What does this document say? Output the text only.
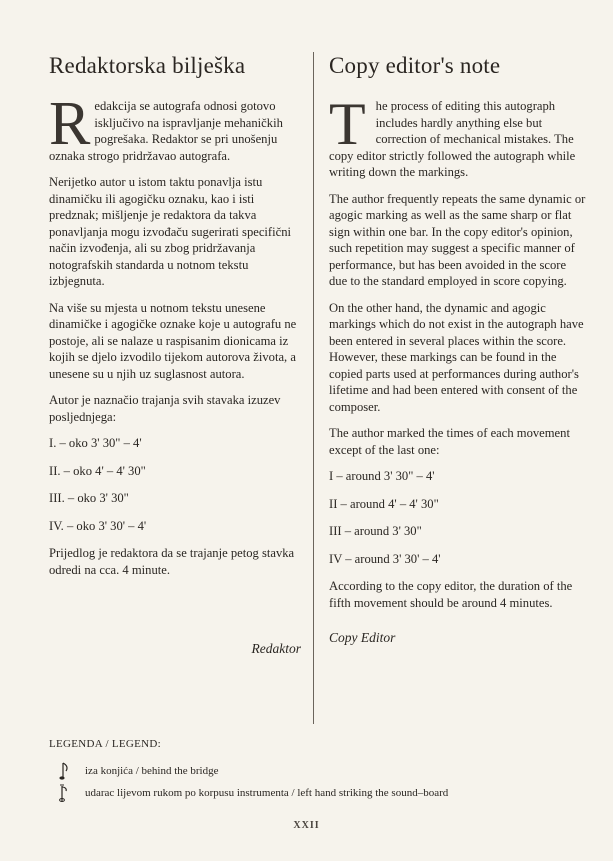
Redaktorska bilješka

Redakcija se autografa odnosi gotovo isključivo na ispravljanje mehaničkih pogrešaka. Redaktor se pri unošenju oznaka strogo pridržavao autografa.

Nerijetko autor u istom taktu ponavlja istu dinamičku ili agogičku oznaku, kao i isti predznak; mišljenje je redaktora da takva ponavljanja mogu izvođaču sugerirati specifični način izvođenja, ali su zbog pridržavanja notografskih standarda u notnom tekstu izbjegnuta.

Na više su mjesta u notnom tekstu unesene dinamičke i agogičke oznake koje u autografu ne postoje, ali se nalaze u raspisanim dionicama iz kojih se djelo izvodilo tijekom autorova života, a unesene su u njih uz suglasnost autora.

Autor je naznačio trajanja svih stavaka izuzev posljednjega:

I. – oko 3' 30" – 4'

II. – oko 4' – 4' 30"

III. – oko 3' 30"

IV. – oko 3' 30' – 4'

Prijedlog je redaktora da se trajanje petog stavka odredi na cca. 4 minute.

Redaktor
Copy editor's note

The process of editing this autograph includes hardly anything else but correction of mechanical mistakes. The copy editor strictly followed the autograph while writing down the markings.

The author frequently repeats the same dynamic or agogic marking as well as the same sharp or flat sign within one bar. In the copy editor's opinion, such repetition may suggest a specific manner of performance, but has been avoided in the score due to the standard employed in score copying.

On the other hand, the dynamic and agogic markings which do not exist in the autograph have been entered in several places within the score. However, these markings can be found in the copied parts used at performances during author's lifetime and had been entered with consent of the composer.

The author marked the times of each movement except of the last one:

I – around 3' 30" – 4'

II – around 4' – 4' 30"

III – around 3' 30"

IV – around 3' 30' – 4'

According to the copy editor, the duration of the fifth movement should be around 4 minutes.

Copy Editor
LEGENDA / LEGEND:
iza konjića / behind the bridge
udarac lijevom rukom po korpusu instrumenta / left hand striking the sound–board
XXII
